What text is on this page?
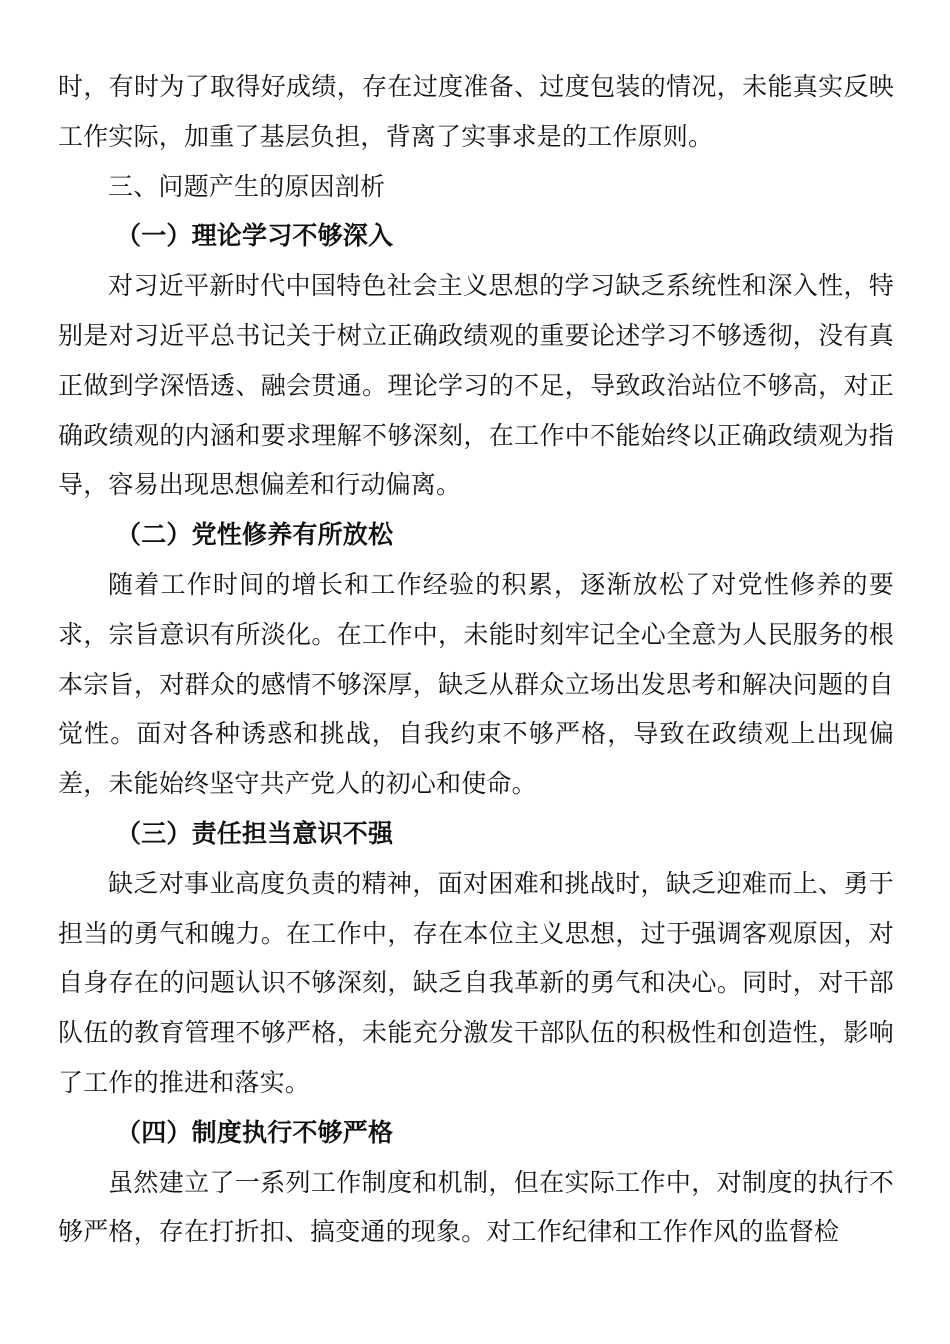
时，有时为了取得好成绩，存在过度准备、过度包装的情况，未能真实反映工作实际，加重了基层负担，背离了实事求是的工作原则。

三、问题产生的原因剖析

（一）理论学习不够深入

对习近平新时代中国特色社会主义思想的学习缺乏系统性和深入性，特别是对习近平总书记关于树立正确政绩观的重要论述学习不够透彻，没有真正做到学深悟透、融会贯通。理论学习的不足，导致政治站位不够高，对正确政绩观的内涵和要求理解不够深刻，在工作中不能始终以正确政绩观为指导，容易出现思想偏差和行动偏离。

（二）党性修养有所放松

随着工作时间的增长和工作经验的积累，逐渐放松了对党性修养的要求，宗旨意识有所淡化。在工作中，未能时刻牢记全心全意为人民服务的根本宗旨，对群众的感情不够深厚，缺乏从群众立场出发思考和解决问题的自觉性。面对各种诱惑和挑战，自我约束不够严格，导致在政绩观上出现偏差，未能始终坚守共产党人的初心和使命。

（三）责任担当意识不强

缺乏对事业高度负责的精神，面对困难和挑战时，缺乏迎难而上、勇于担当的勇气和魄力。在工作中，存在本位主义思想，过于强调客观原因，对自身存在的问题认识不够深刻，缺乏自我革新的勇气和决心。同时，对干部队伍的教育管理不够严格，未能充分激发干部队伍的积极性和创造性，影响了工作的推进和落实。

（四）制度执行不够严格

虽然建立了一系列工作制度和机制，但在实际工作中，对制度的执行不够严格，存在打折扣、搞变通的现象。对工作纪律和工作作风的监督检
